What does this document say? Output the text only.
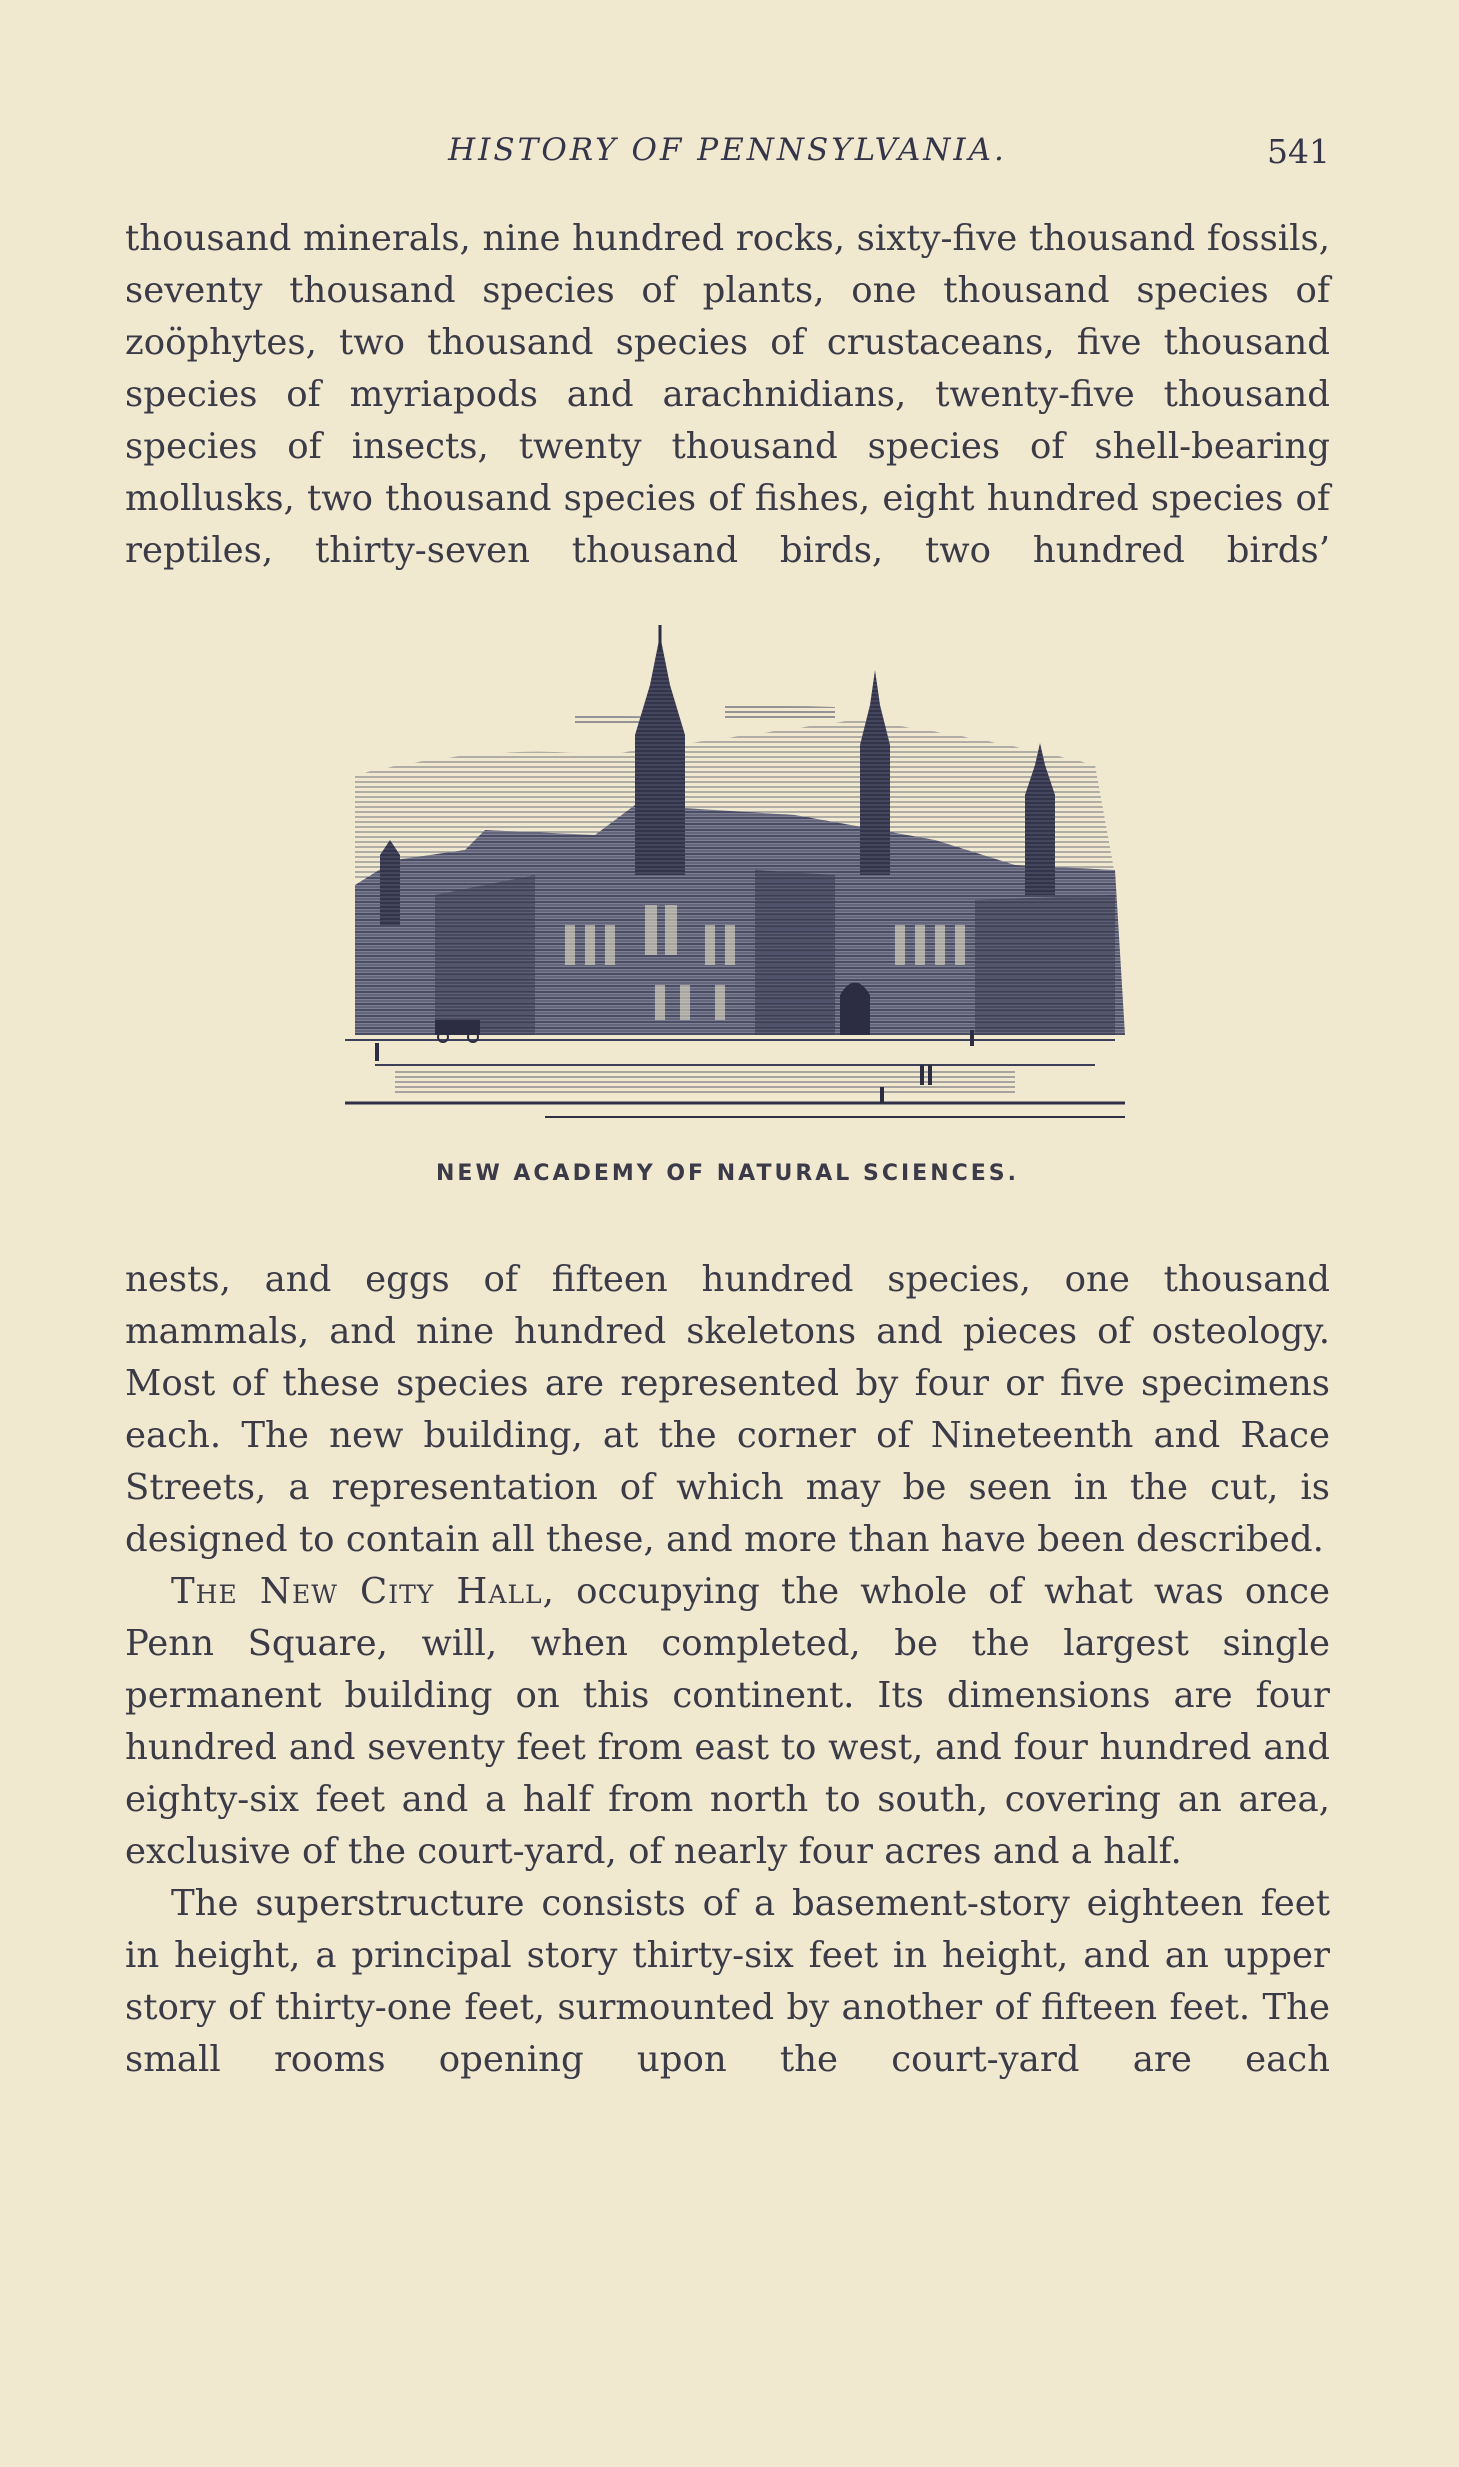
HISTORY OF PENNSYLVANIA.	541

thousand minerals, nine hundred rocks, sixty-five thousand fossils, seventy thousand species of plants, one thousand species of zoöphytes, two thousand species of crustaceans, five thousand species of myriapods and arachnidians, twenty-five thousand species of insects, twenty thousand species of shell-bearing mollusks, two thousand species of fishes, eight hundred species of reptiles, thirty-seven thousand birds, two hundred birds’

NEW ACADEMY OF NATURAL SCIENCES.

nests, and eggs of fifteen hundred species, one thousand mammals, and nine hundred skeletons and pieces of osteology. Most of these species are represented by four or five specimens each. The new building, at the corner of Nineteenth and Race Streets, a representation of which may be seen in the cut, is designed to contain all these, and more than have been described.

The New City Hall, occupying the whole of what was once Penn Square, will, when completed, be the largest single permanent building on this continent. Its dimensions are four hundred and seventy feet from east to west, and four hundred and eighty-six feet and a half from north to south, covering an area, exclusive of the court-yard, of nearly four acres and a half.

The superstructure consists of a basement-story eighteen feet in height, a principal story thirty-six feet in height, and an upper story of thirty-one feet, surmounted by another of fifteen feet. The small rooms opening upon the court-yard are each
